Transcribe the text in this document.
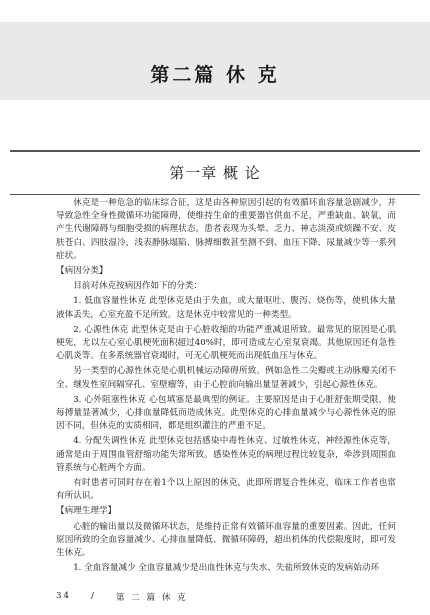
第二篇 休 克
第一章 概 论

休克是一种危急的临床综合征，这是由各种原因引起的有效循环血容量急剧减少，并导致急性全身性微循环功能障碍，使维持生命的重要器官供血不足，严重缺血、缺氧，而产生代谢障碍与细胞受损的病理状态。患者表现为头晕、乏力、神志淡漠或烦躁不安、皮肤苍白、四肢湿冷，浅表静脉塌陷、脉搏细数甚至测不到、血压下降、尿量减少等一系列症状。

【病因分类】

目前对休克按病因作如下的分类：

1. 低血容量性休克 此型休克是由于失血，或大量呕吐、腹泻、烧伤等，使机体大量液体丢失，心室充盈不足所致。这是休克中较常见的一种类型。

2. 心源性休克 此型休克是由于心脏收缩的功能严重减退所致。最常见的原因是心肌梗死，尤以左心室心肌梗死面积超过40%时，即可造成左心室泵衰竭。其他原因还有急性心肌炎等。在多系统器官衰竭时，可无心肌梗死而出现低血压与休克。

另一类型的心源性休克是心肌机械运动障碍所致。例如急性二尖瓣或主动脉瓣关闭不全、继发性室间隔穿孔、室壁瘤等，由于心腔前向输出量显著减少，引起心源性休克。

3. 心外阻塞性休克 心包填塞是最典型的例证。主要原因是由于心脏舒张期受限，使每搏量显著减少，心排血量降低而造成休克。此型休克的心排血量减少与心源性休克的原因不同，但休克的实质相同，都是组织灌注的严重不足。

4. 分配失调性休克 此型休克包括感染中毒性休克、过敏性休克、神经源性休克等，通常是由于周围血管舒缩功能失常所致。感染性休克的病理过程比较复杂，牵涉到周围血管系统与心脏两个方面。

有时患者可同时存在着1个以上原因的休克，此即所谓复合性休克，临床工作者也常有所认识。

【病理生理学】

心脏的输出量以及微循环状态，是维持正常有效循环血容量的重要因素。因此，任何原因所致的全血容量减少、心排血量降低、微循环障碍，超出机体的代偿限度时，即可发生休克。

1. 全血容量减少 全血容量减少是出血性休克与失水、失盐所致休克的发病始动环

34 / 第 二 篇 休 克
